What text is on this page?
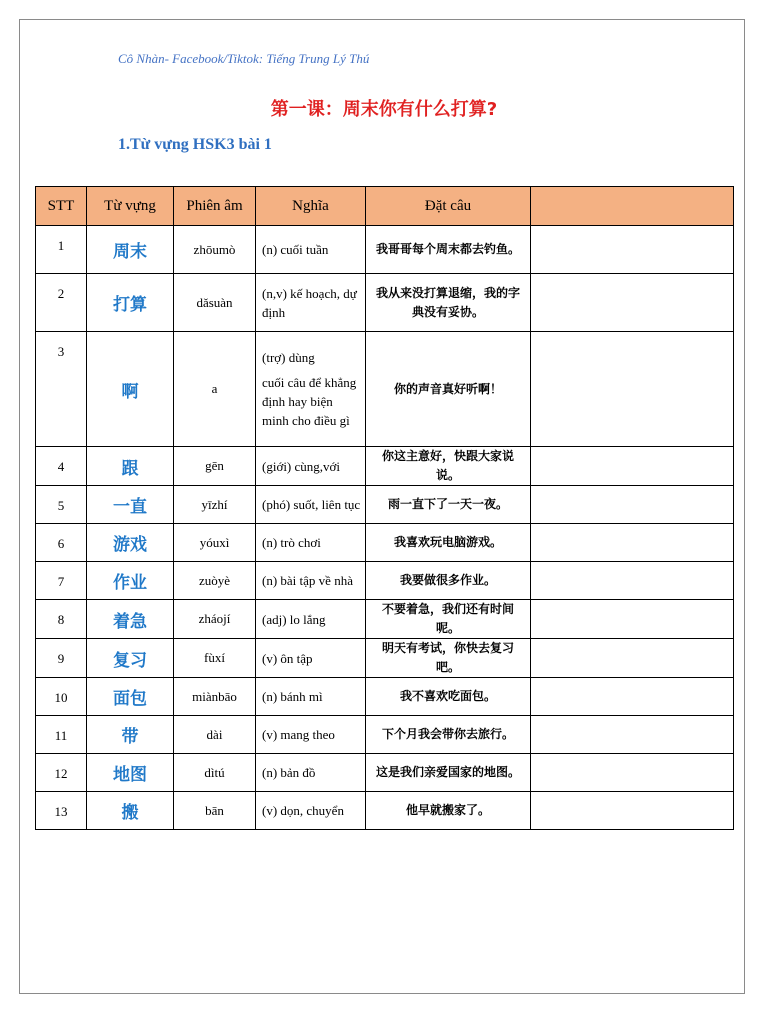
Cô Nhàn- Facebook/Tiktok: Tiếng Trung Lý Thú
第一课：周末你有什么打算?
1.Từ vựng HSK3 bài 1
STT	Từ vựng	Phiên âm	Nghĩa	Đặt câu	
1	周末	zhōumò	(n) cuối tuần	我哥哥每个周末都去钓鱼。	
2	打算	dǎsuàn	(n,v) kế hoạch, dự định	我从来没打算退缩，我的字典没有妥协。	
3	啊	a	(trợ) dùng
cuối câu để khẳng định hay biện minh cho điều gì	你的声音真好听啊！	
4	跟	gēn	(giới) cùng,với	你这主意好，快跟大家说说。	
5	一直	yīzhí	(phó) suốt, liên tục	雨一直下了一天一夜。	
6	游戏	yóuxì	(n) trò chơi	我喜欢玩电脑游戏。	
7	作业	zuòyè	(n) bài tập về nhà	我要做很多作业。	
8	着急	zháojí	(adj) lo lắng	不要着急，我们还有时间呢。	
9	复习	fùxí	(v) ôn tập	明天有考试，你快去复习吧。	
10	面包	miànbāo	(n) bánh mì	我不喜欢吃面包。	
11	带	dài	(v) mang theo	下个月我会带你去旅行。	
12	地图	dìtú	(n) bản đồ	这是我们亲爱国家的地图。	
13	搬	bān	(v) dọn, chuyển	他早就搬家了。	
